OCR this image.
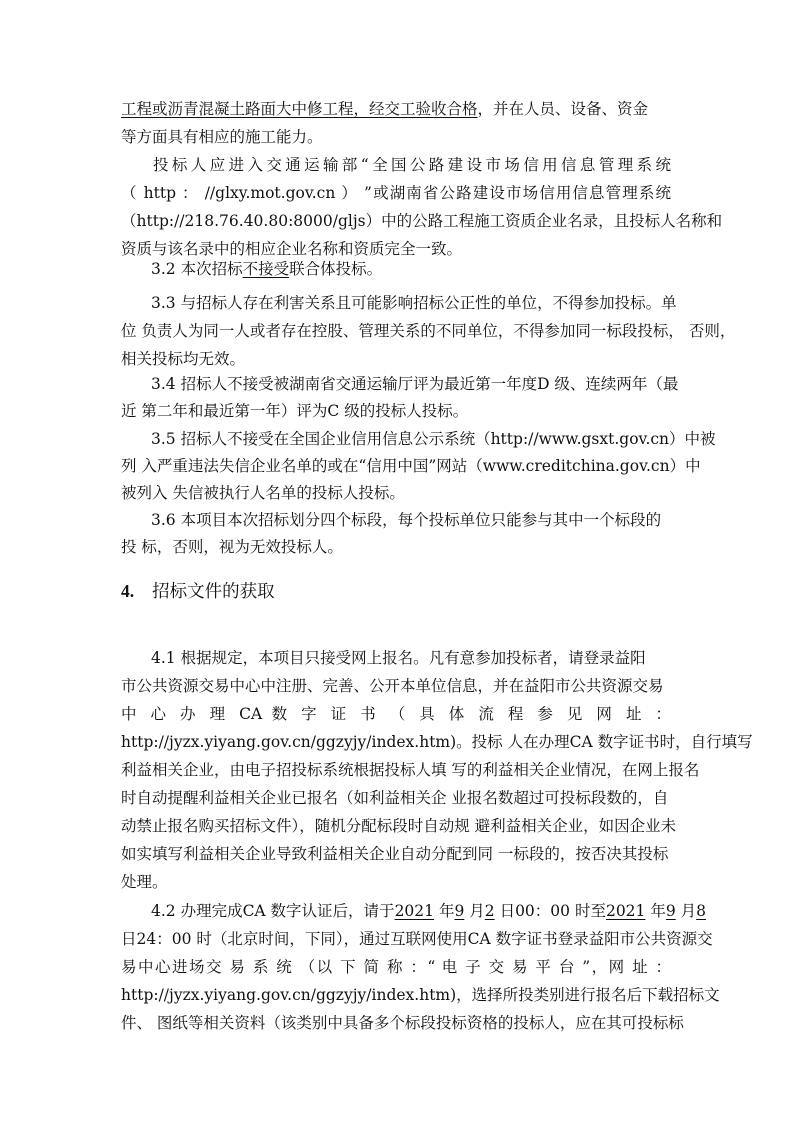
工程或沥青混凝土路面大中修工程，经交工验收合格，并在人员、设备、资金
等方面具有相应的施工能力。
投标人应进入交通运输部“全国公路建设市场信用信息管理系统
（ http ： //glxy.mot.gov.cn ） ”或湖南省公路建设市场信用信息管理系统
（http://218.76.40.80:8000/gljs）中的公路工程施工资质企业名录，且投标人名称和
资质与该名录中的相应企业名称和资质完全一致。
3.2 本次招标不接受联合体投标。
3.3 与招标人存在利害关系且可能影响招标公正性的单位，不得参加投标。单
位 负责人为同一人或者存在控股、管理关系的不同单位，不得参加同一标段投标， 否则，
相关投标均无效。
3.4 招标人不接受被湖南省交通运输厅评为最近第一年度D 级、连续两年（最
近 第二年和最近第一年）评为C 级的投标人投标。
3.5 招标人不接受在全国企业信用信息公示系统（http://www.gsxt.gov.cn）中被
列 入严重违法失信企业名单的或在“信用中国”网站（www.creditchina.gov.cn）中
被列入 失信被执行人名单的投标人投标。
3.6 本项目本次招标划分四个标段，每个投标单位只能参与其中一个标段的
投 标，否则，视为无效投标人。
4. 招标文件的获取
4.1 根据规定，本项目只接受网上报名。凡有意参加投标者，请登录益阳
市公共资源交易中心中注册、完善、公开本单位信息，并在益阳市公共资源交易
中 心 办 理 CA 数 字 证 书 （ 具 体 流 程 参 见 网 址 ：
http://jyzx.yiyang.gov.cn/ggzyjy/index.htm)。投标 人在办理CA 数字证书时，自行填写
利益相关企业，由电子招投标系统根据投标人填 写的利益相关企业情况，在网上报名
时自动提醒利益相关企业已报名（如利益相关企 业报名数超过可投标段数的，自
动禁止报名购买招标文件），随机分配标段时自动规 避利益相关企业，如因企业未
如实填写利益相关企业导致利益相关企业自动分配到同 一标段的，按否决其投标
处理。
4.2 办理完成CA 数字认证后，请于2021 年9 月2 日00：00 时至2021 年9 月8
日24：00 时（北京时间，下同），通过互联网使用CA 数字证书登录益阳市公共资源交
易中心进场交 易 系 统 （以 下 简 称 ：“ 电 子 交 易 平 台 ”，网 址 ：
http://jyzx.yiyang.gov.cn/ggzyjy/index.htm)，选择所投类别进行报名后下载招标文
件、 图纸等相关资料（该类别中具备多个标段投标资格的投标人，应在其可投标标
